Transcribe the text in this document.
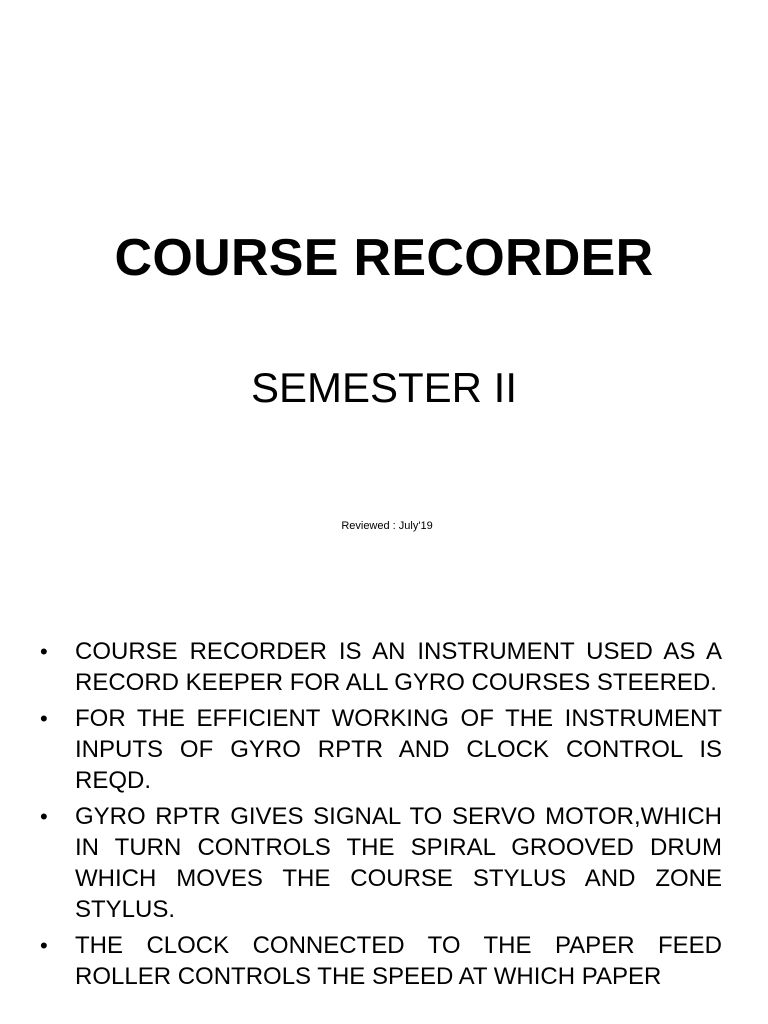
COURSE RECORDER
SEMESTER II
Reviewed : July'19
• COURSE RECORDER IS AN INSTRUMENT USED AS A RECORD KEEPER FOR ALL GYRO COURSES STEERED.
• FOR THE EFFICIENT WORKING OF THE INSTRUMENT INPUTS OF GYRO RPTR AND CLOCK CONTROL IS REQD.
• GYRO RPTR GIVES SIGNAL TO SERVO MOTOR,WHICH IN TURN CONTROLS THE SPIRAL GROOVED DRUM WHICH MOVES THE COURSE STYLUS AND ZONE STYLUS.
• THE CLOCK CONNECTED TO THE PAPER FEED ROLLER CONTROLS THE SPEED AT WHICH PAPER
